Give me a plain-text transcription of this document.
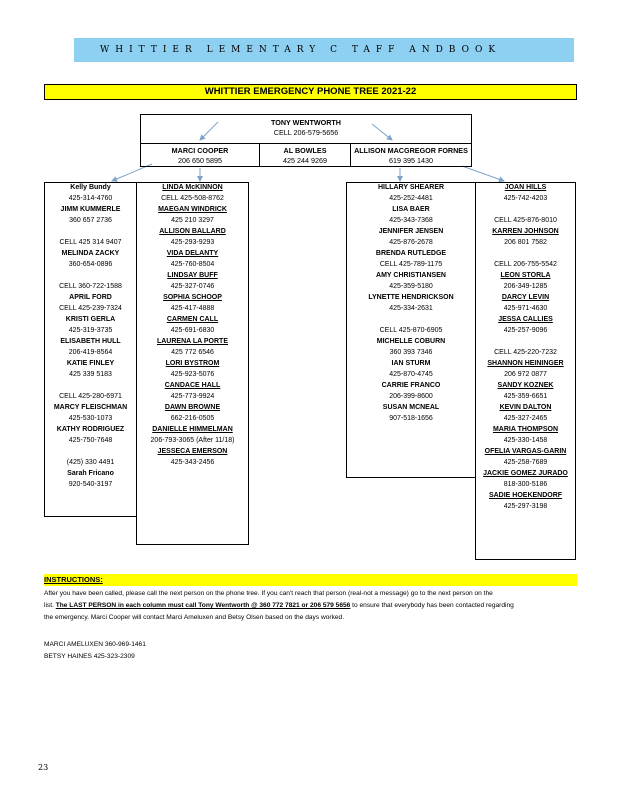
WHITTIER LEMENTARY C TAFF ANDBOOK
WHITTIER EMERGENCY PHONE TREE 2021-22
TONY WENTWORTH
CELL 206-579-5656
MARCI COOPER
206 650 5895
AL BOWLES
425 244 9269
ALLISON MACGREGOR FORNES
619 395 1430
Kelly Bundy
425-314-4760
JIMM KUMMERLE
360 657 2736
CELL 425 314 9407
MELINDA ZACKY
360-654-0896
CELL 360-722-1588
APRIL FORD
CELL 425-239-7324
KRISTI GERLA
425-319-3735
ELISABETH HULL
206-419-8564
KATIE FINLEY
425 339 5183
CELL 425-280-6971
MARCY FLEISCHMAN
425-530-1073
KATHY RODRIGUEZ
425-750-7648
(425) 330 4491
Sarah Fricano
920-540-3197
LINDA McKINNON
CELL 425-508-8762
MAEGAN WINDRICK
425 210 3297
ALLISON BALLARD
425-293-9293
VIDA DELANTY
425-760-8504
LINDSAY BUFF
425-327-0746
SOPHIA SCHOOP
425-417-4888
CARMEN CALL
425-691-6830
LAURENA LA PORTE
425 772 6546
LORI BYSTROM
425-923-5076
CANDACE HALL
425-773-9924
DAWN BROWNE
662-216-0505
DANIELLE HIMMELMAN
206-793-3065 (After 11/18)
JESSECA EMERSON
425-343-2456
HILLARY SHEARER
425-252-4481
LISA BAER
425-343-7368
JENNIFER JENSEN
425-876-2678
BRENDA RUTLEDGE
CELL 425-789-1175
AMY CHRISTIANSEN
425-359-5180
LYNETTE HENDRICKSON
425-334-2631
CELL 425-870-6905
MICHELLE COBURN
360 393 7346
IAN STURM
425-870-4745
CARRIE FRANCO
206-399-8600
SUSAN MCNEAL
907-518-1656
JOAN HILLS
425-742-4203
CELL 425-876-8010
KARREN JOHNSON
206 801 7582
CELL 206-755-5542
LEON STORLA
206-349-1285
DARCY LEVIN
425-971-4630
JESSA CALLIES
425-257-9096
CELL 425-220-7232
SHANNON HEININGER
206 972 0877
SANDY KOZNEK
425-359-6651
KEVIN DALTON
425-327-2465
MARIA THOMPSON
425-330-1458
OFELIA VARGAS-GARIN
425-258-7689
JACKIE GOMEZ JURADO
818-300-5186
SADIE HOEKENDORF
425-297-3198
INSTRUCTIONS:
After you have been called, please call the next person on the phone tree. If you can't reach that person (real-not a message) go to the next person on the
list. The LAST PERSON in each column must call Tony Wentworth @ 360 772 7821 or 206 579 5656 to ensure that everybody has been contacted regarding
the emergency. Marci Cooper will contact Marci Ameluxen and Betsy Olsen based on the days worked.
MARCI AMELUXEN 360-969-1461
BETSY HAINES 425-323-2309
23
